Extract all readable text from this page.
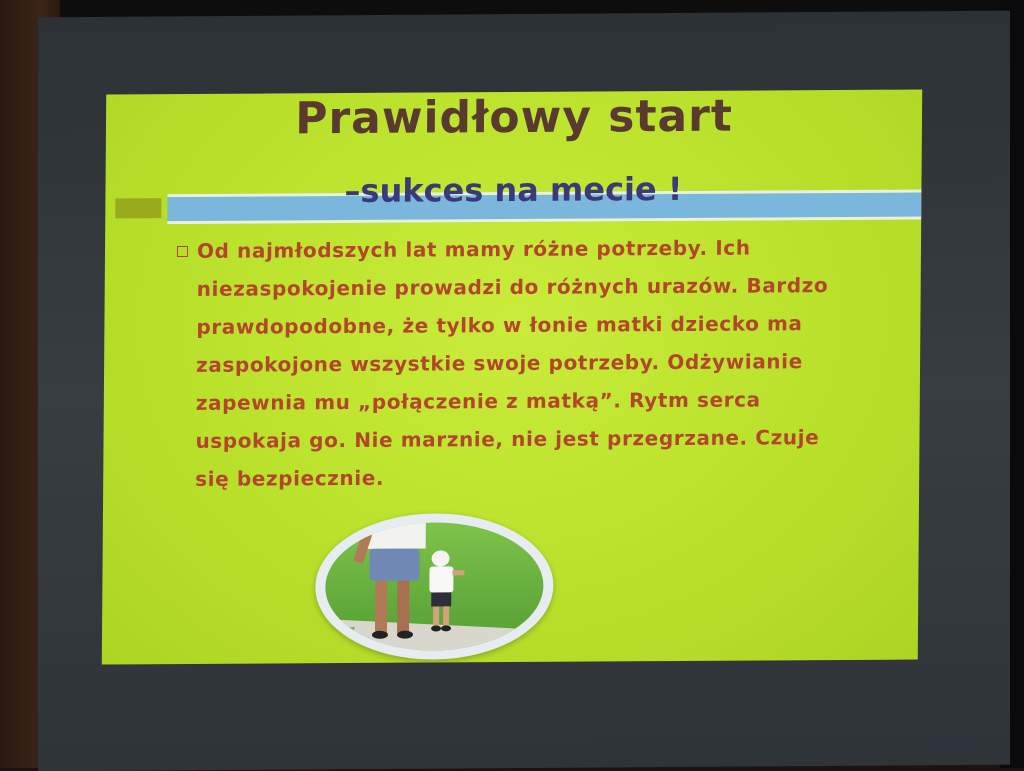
Prawidłowy start
–sukces na mecie !
Od najmłodszych lat mamy różne potrzeby. Ich niezaspokojenie prowadzi do różnych urazów. Bardzo prawdopodobne, że tylko w łonie matki dziecko ma zaspokojone wszystkie swoje potrzeby. Odżywianie zapewnia mu „połączenie z matką”. Rytm serca uspokaja go. Nie marznie, nie jest przegrzane. Czuje się bezpiecznie.
